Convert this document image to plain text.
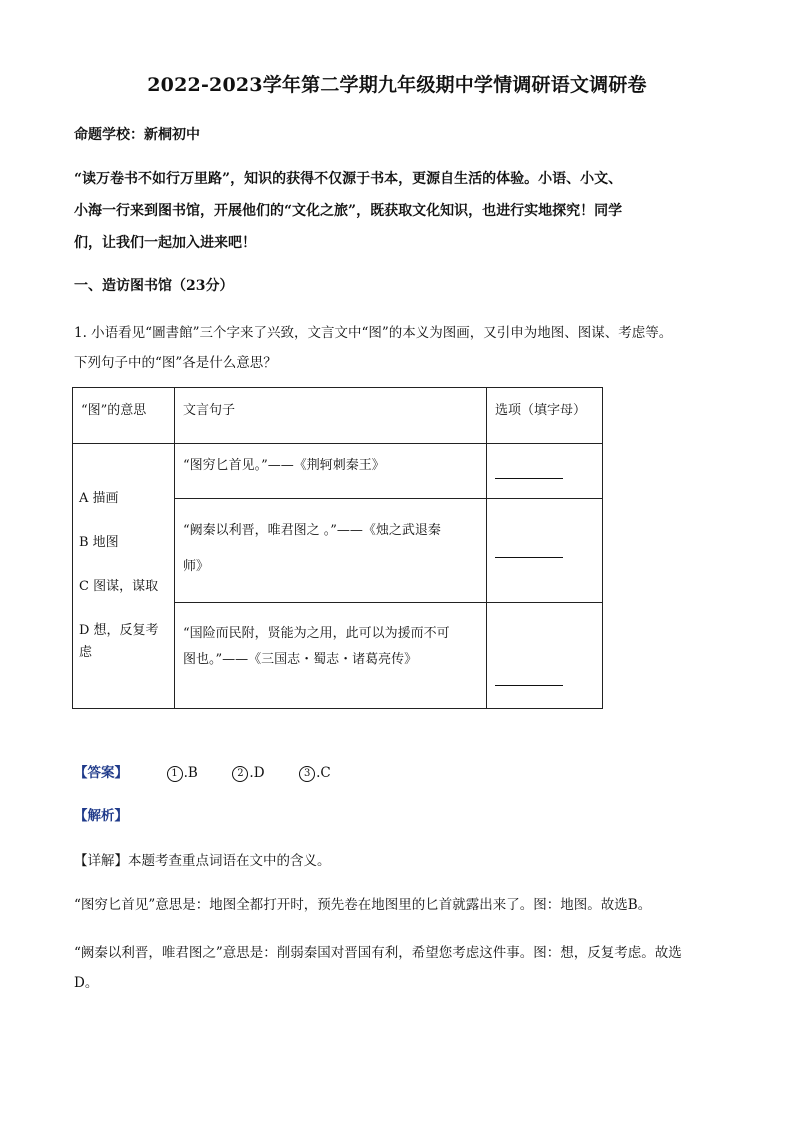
2022-2023学年第二学期九年级期中学情调研语文调研卷
命题学校：新桐初中
“读万卷书不如行万里路”，知识的获得不仅源于书本，更源自生活的体验。小语、小文、
小海一行来到图书馆，开展他们的“文化之旅”，既获取文化知识，也进行实地探究！同学
们，让我们一起加入进来吧！
一、造访图书馆（23分）
1. 小语看见“圖書館”三个字来了兴致，文言文中“图”的本义为图画，又引申为地图、图谋、考虑等。
下列句子中的“图”各是什么意思？
“图”的意思	文言句子	选项（填字母）

A 描画
B 地图
C 图谋，谋取
D 想，反复考
虑	“图穷匕首见。”——《荆轲刺秦王》	

	“阙秦以利晋，唯君图之 。”——《烛之武退秦
师》	

	“国险而民附，贤能为之用，此可以为援而不可
图也。”——《三国志・蜀志・诸葛亮传》	

【答案】	1 .B	2 .D	3 .C
【解析】
【详解】本题考查重点词语在文中的含义。
“图穷匕首见”意思是：地图全都打开时，预先卷在地图里的匕首就露出来了。图：地图。故选B。
“阙秦以利晋，唯君图之”意思是：削弱秦国对晋国有利，希望您考虑这件事。图：想，反复考虑。故选
D。
